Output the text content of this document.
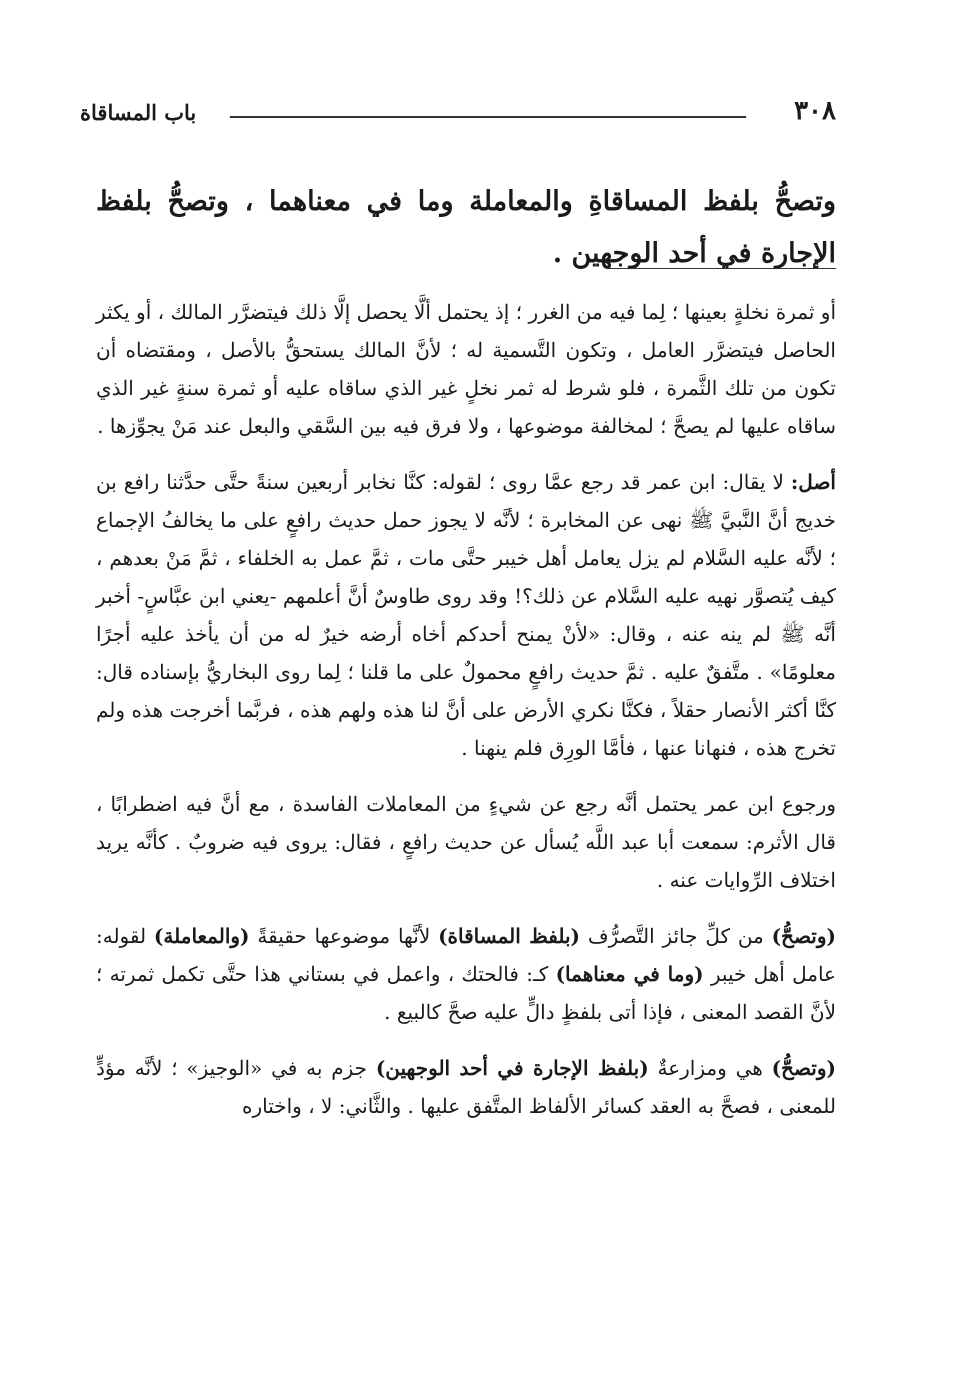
٣٠٨
باب المساقاة
وتصحُّ بلفظ المساقاةِ والمعاملة وما في معناهما ، وتصحُّ بلفظ الإجارة في أحد الوجهين .

أو ثمرة نخلةٍ بعينها ؛ لِما فيه من الغرر ؛ إذ يحتمل ألَّا يحصل إلَّا ذلك فيتضرَّر المالك ، أو يكثر الحاصل فيتضرَّر العامل ، وتكون التَّسمية له ؛ لأنَّ المالك يستحقُّ بالأصل ، ومقتضاه أن تكون من تلك الثَّمرة ، فلو شرط له ثمر نخلٍ غير الذي ساقاه عليه أو ثمرة سنةٍ غير الذي ساقاه عليها لم يصحَّ ؛ لمخالفة موضوعها ، ولا فرق فيه بين السَّقي والبعل عند مَنْ يجوِّزها .

أصل: لا يقال: ابن عمر قد رجع عمَّا روى ؛ لقوله: كنَّا نخابر أربعين سنةً حتَّى حدَّثنا رافع بن خديج أنَّ النَّبيَّ ﷺ نهى عن المخابرة ؛ لأنَّه لا يجوز حمل حديث رافعٍ على ما يخالفُ الإجماع ؛ لأنَّه عليه السَّلام لم يزل يعامل أهل خيبر حتَّى مات ، ثمَّ عمل به الخلفاء ، ثمَّ مَنْ بعدهم ، كيف يُتصوَّر نهيه عليه السَّلام عن ذلك؟! وقد روى طاوسٌ أنَّ أعلمهم -يعني ابن عبَّاسٍ- أخبر أنَّه ﷺ لم ينه عنه ، وقال: «لأنْ يمنح أحدكم أخاه أرضه خيرٌ له من أن يأخذ عليه أجرًا معلومًا» . متَّفقٌ عليه . ثمَّ حديث رافعٍ محمولٌ على ما قلنا ؛ لِما روى البخاريُّ بإسناده قال: كنَّا أكثر الأنصار حقلاً ، فكنَّا نكري الأرض على أنَّ لنا هذه ولهم هذه ، فربَّما أخرجت هذه ولم تخرج هذه ، فنهانا عنها ، فأمَّا الورِق فلم ينهنا .

ورجوع ابن عمر يحتمل أنَّه رجع عن شيءٍ من المعاملات الفاسدة ، مع أنَّ فيه اضطرابًا ، قال الأثرم: سمعت أبا عبد اللَّه يُسأل عن حديث رافعٍ ، فقال: يروى فيه ضروبٌ . كأنَّه يريد اختلاف الرِّوايات عنه .

(وتصحُّ) من كلِّ جائز التَّصرُّف (بلفظ المساقاة) لأنَّها موضوعها حقيقةً (والمعاملة) لقوله: عامل أهل خيبر (وما في معناهما) كـ: فالحتك ، واعمل في بستاني هذا حتَّى تكمل ثمرته ؛ لأنَّ القصد المعنى ، فإذا أتى بلفظٍ دالٍّ عليه صحَّ كالبيع .

(وتصحُّ) هي ومزارعةٌ (بلفظ الإجارة في أحد الوجهين) جزم به في «الوجيز» ؛ لأنَّه مؤدٍّ للمعنى ، فصحَّ به العقد كسائر الألفاظ المتَّفق عليها . والثَّاني: لا ، واختاره
